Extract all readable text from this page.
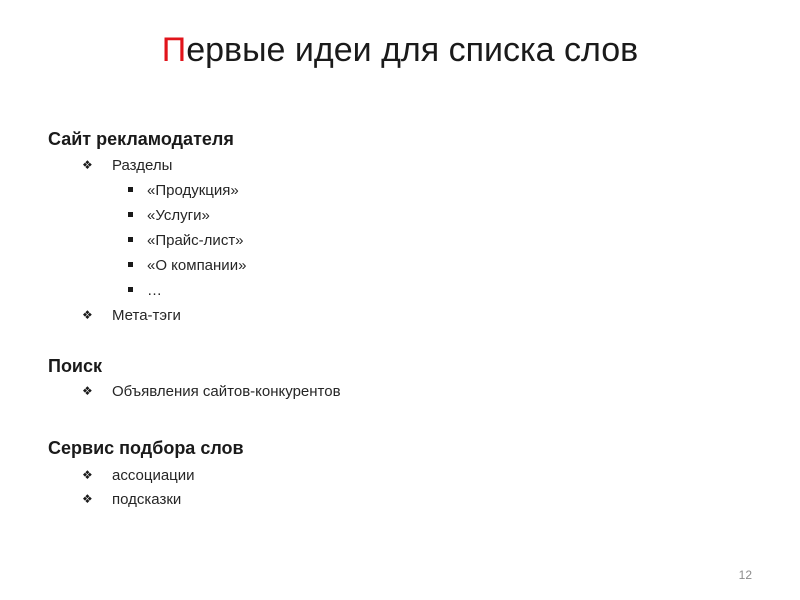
Первые идеи для списка слов
Сайт рекламодателя
❖ Разделы
«Продукция»
«Услуги»
«Прайс-лист»
«О компании»
…
❖ Мета-тэги
Поиск
❖ Объявления сайтов-конкурентов
Сервис подбора слов
❖ ассоциации
❖ подсказки
12
